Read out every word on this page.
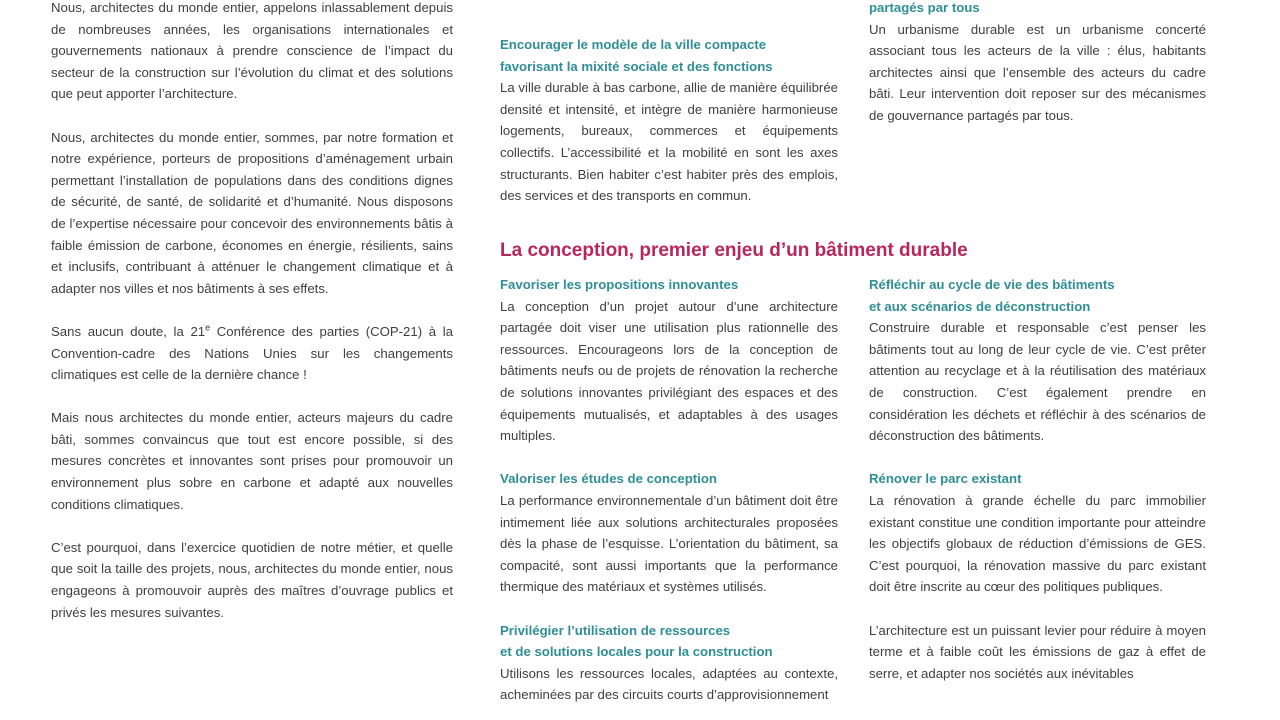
Nous, architectes du monde entier, appelons inlassablement depuis de nombreuses années, les organisations internationales et gouvernements nationaux à prendre conscience de l’impact du secteur de la construction sur l’évolution du climat et des solutions que peut apporter l’architecture.

Nous, architectes du monde entier, sommes, par notre formation et notre expérience, porteurs de propositions d’aménagement urbain permettant l’installation de populations dans des conditions dignes de sécurité, de santé, de solidarité et d’humanité. Nous disposons de l’expertise nécessaire pour concevoir des environnements bâtis à faible émission de carbone, économes en énergie, résilients, sains et inclusifs, contribuant à atténuer le changement climatique et à adapter nos villes et nos bâtiments à ses effets.

Sans aucun doute, la 21e Conférence des parties (COP-21) à la Convention-cadre des Nations Unies sur les changements climatiques est celle de la dernière chance !

Mais nous architectes du monde entier, acteurs majeurs du cadre bâti, sommes convaincus que tout est encore possible, si des mesures concrètes et innovantes sont prises pour promouvoir un environnement plus sobre en carbone et adapté aux nouvelles conditions climatiques.

C’est pourquoi, dans l’exercice quotidien de notre métier, et quelle que soit la taille des projets, nous, architectes du monde entier, nous engageons à promouvoir auprès des maîtres d’ouvrage publics et privés les mesures suivantes.

Encourager le modèle de la ville compacte
favorisant la mixité sociale et des fonctions

La ville durable à bas carbone, allie de manière équilibrée densité et intensité, et intègre de manière harmonieuse logements, bureaux, commerces et équipements collectifs. L’accessibilité et la mobilité en sont les axes structurants. Bien habiter c’est habiter près des emplois, des services et des transports en commun.

partagés par tous

Un urbanisme durable est un urbanisme concerté associant tous les acteurs de la ville : élus, habitants architectes ainsi que l’ensemble des acteurs du cadre bâti. Leur intervention doit reposer sur des mécanismes de gouvernance partagés par tous.

La conception, premier enjeu d’un bâtiment durable

Favoriser les propositions innovantes

La conception d’un projet autour d’une architecture partagée doit viser une utilisation plus rationnelle des ressources. Encourageons lors de la conception de bâtiments neufs ou de projets de rénovation la recherche de solutions innovantes privilégiant des espaces et des équipements mutualisés, et adaptables à des usages multiples.

Valoriser les études de conception

La performance environnementale d’un bâtiment doit être intimement liée aux solutions architecturales proposées dès la phase de l’esquisse. L’orientation du bâtiment, sa compacité, sont aussi importants que la performance thermique des matériaux et systèmes utilisés.

Privilégier l’utilisation de ressources
et de solutions locales pour la construction

Utilisons les ressources locales, adaptées au contexte, acheminées par des circuits courts d’approvisionnement

Réfléchir au cycle de vie des bâtiments
et aux scénarios de déconstruction

Construire durable et responsable c’est penser les bâtiments tout au long de leur cycle de vie. C’est prêter attention au recyclage et à la réutilisation des matériaux de construction. C’est également prendre en considération les déchets et réfléchir à des scénarios de déconstruction des bâtiments.

Rénover le parc existant

La rénovation à grande échelle du parc immobilier existant constitue une condition importante pour atteindre les objectifs globaux de réduction d’émissions de GES. C’est pourquoi, la rénovation massive du parc existant doit être inscrite au cœur des politiques publiques.

L’architecture est un puissant levier pour réduire à moyen terme et à faible coût les émissions de gaz à effet de serre, et adapter nos sociétés aux inévitables
